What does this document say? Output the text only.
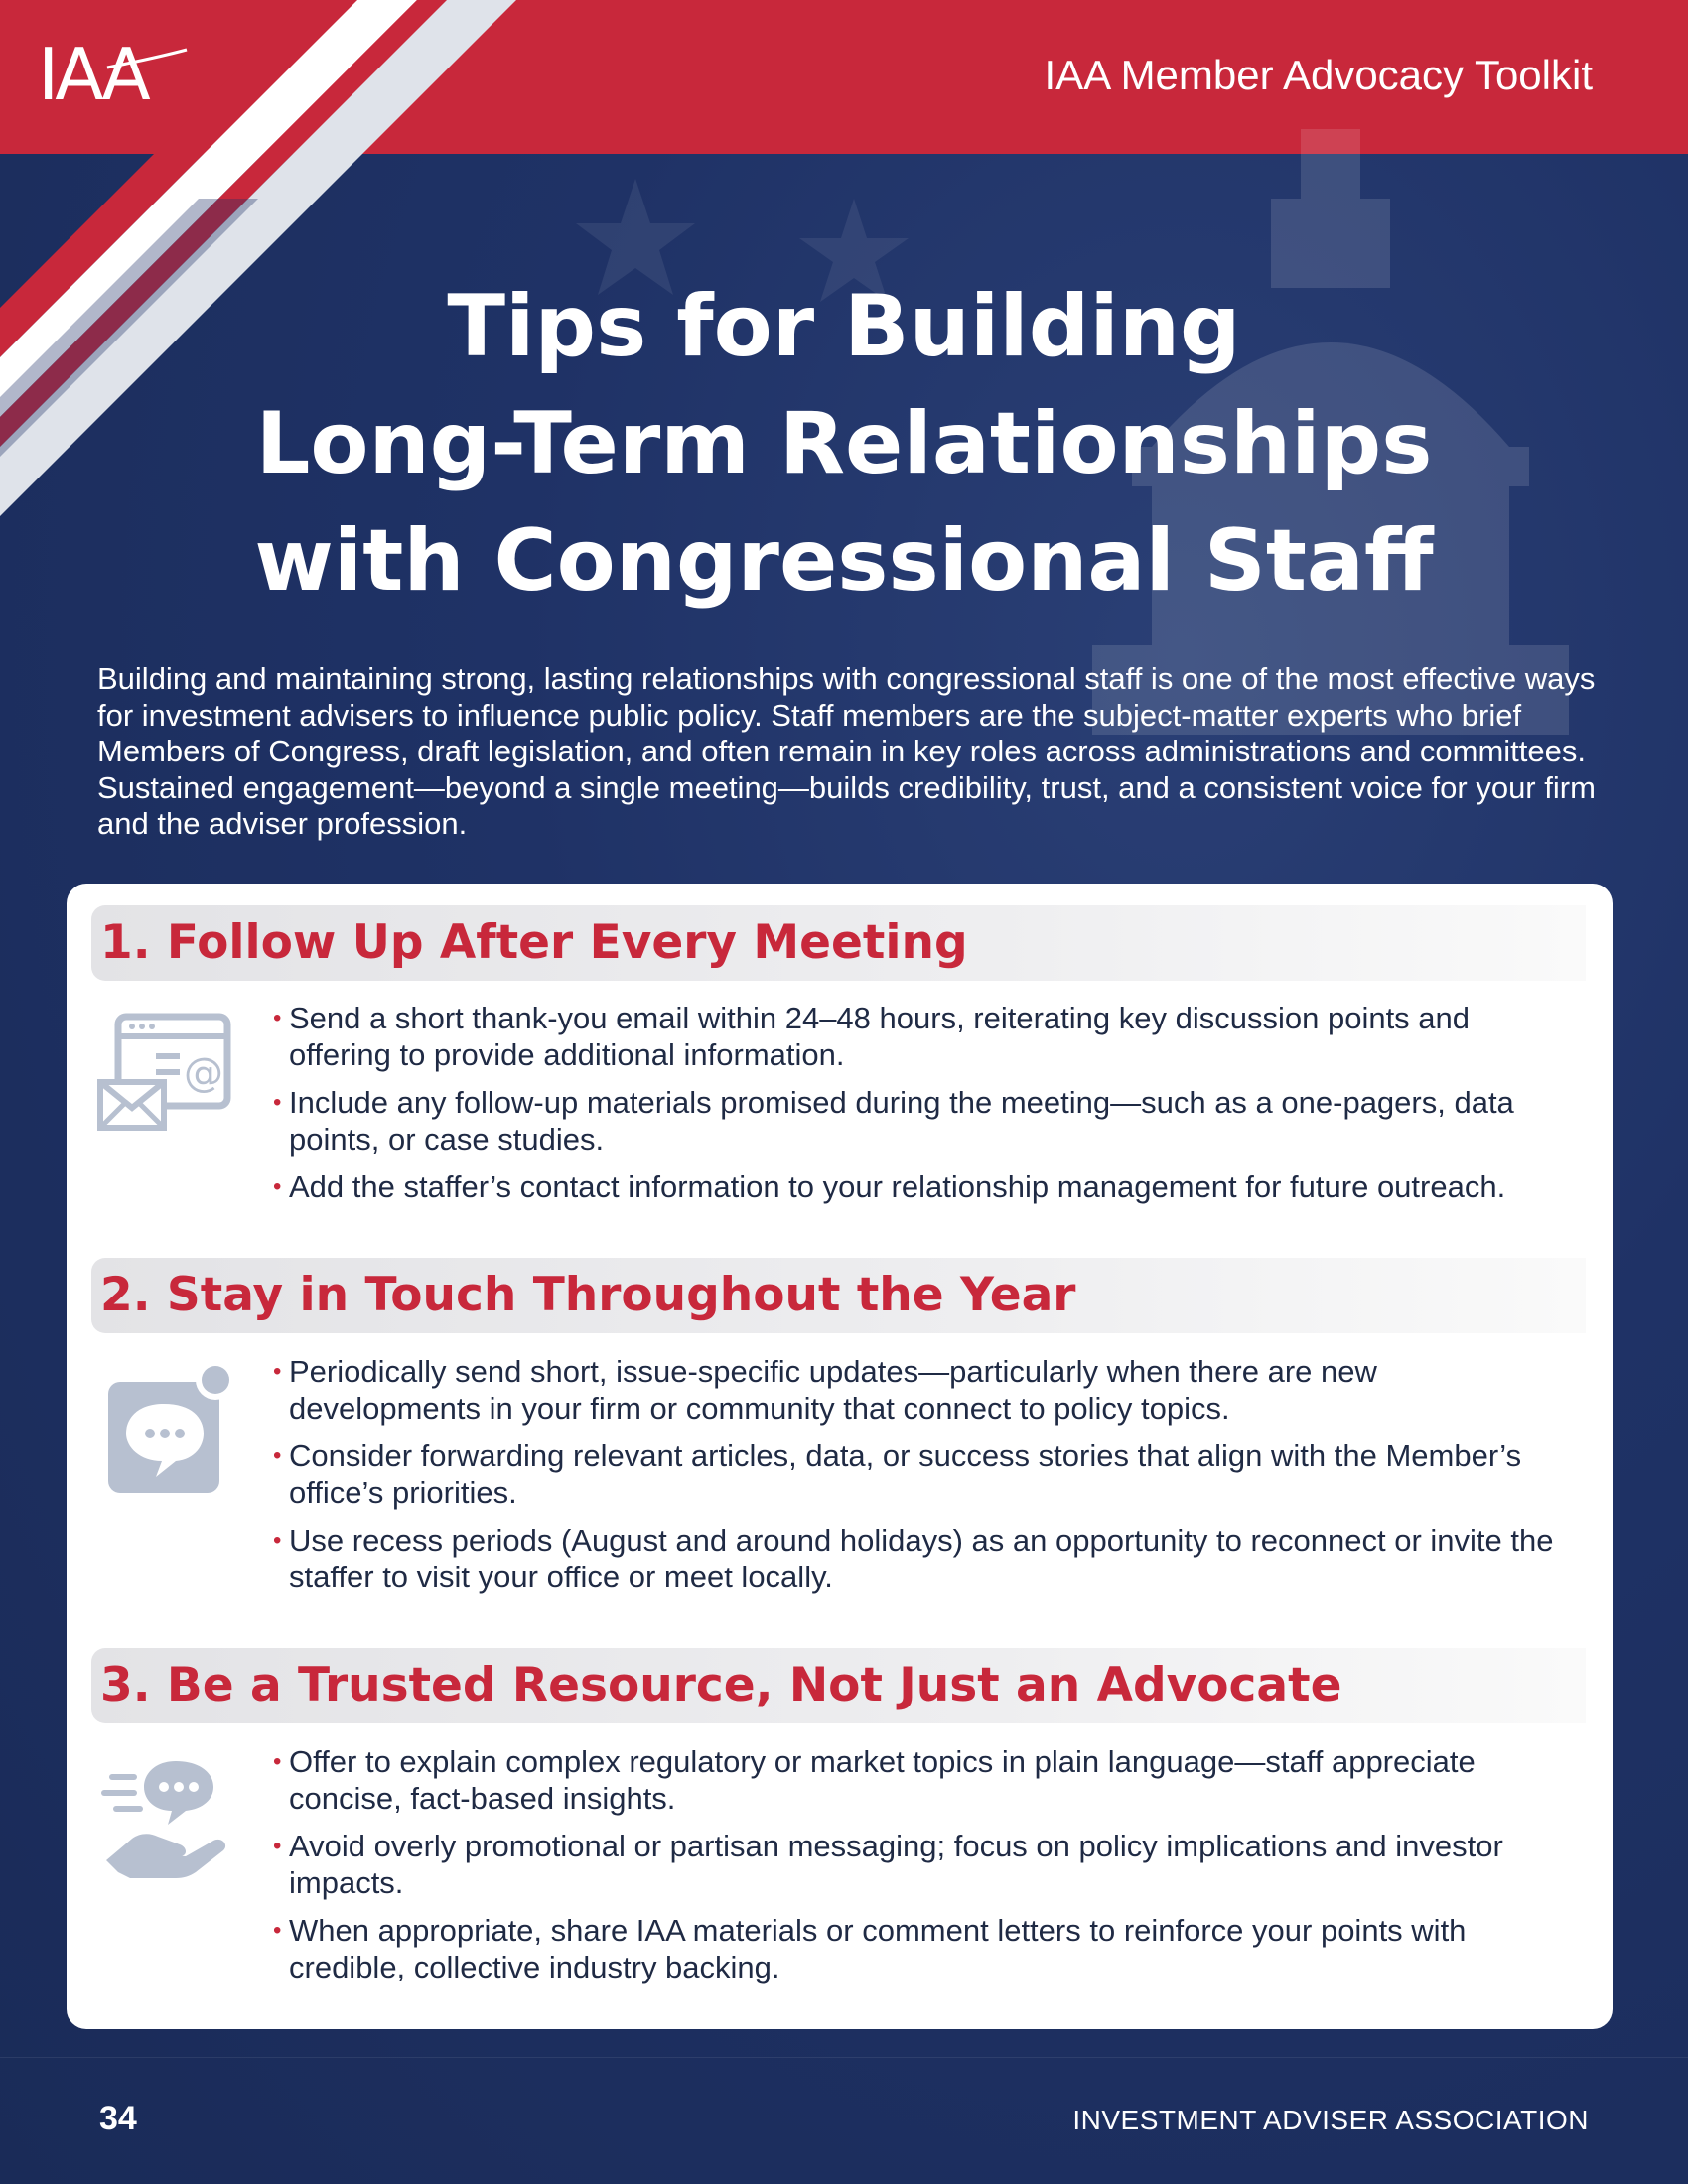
IAA	IAA Member Advocacy Toolkit
Tips for Building
Long-Term Relationships
with Congressional Staff
Building and maintaining strong, lasting relationships with congressional staff is one of the most effective ways for investment advisers to influence public policy. Staff members are the subject-matter experts who brief Members of Congress, draft legislation, and often remain in key roles across administrations and committees. Sustained engagement—beyond a single meeting—builds credibility, trust, and a consistent voice for your firm and the adviser profession.
1. Follow Up After Every Meeting
@
• Send a short thank-you email within 24–48 hours, reiterating key discussion points and offering to provide additional information.
• Include any follow-up materials promised during the meeting—such as a one-pagers, data points, or case studies.
• Add the staffer’s contact information to your relationship management for future outreach.
2. Stay in Touch Throughout the Year
• Periodically send short, issue-specific updates—particularly when there are new developments in your firm or community that connect to policy topics.
• Consider forwarding relevant articles, data, or success stories that align with the Member’s office’s priorities.
• Use recess periods (August and around holidays) as an opportunity to reconnect or invite the staffer to visit your office or meet locally.
3. Be a Trusted Resource, Not Just an Advocate
• Offer to explain complex regulatory or market topics in plain language—staff appreciate concise, fact-based insights.
• Avoid overly promotional or partisan messaging; focus on policy implications and investor impacts.
• When appropriate, share IAA materials or comment letters to reinforce your points with credible, collective industry backing.
34	INVESTMENT ADVISER ASSOCIATION
